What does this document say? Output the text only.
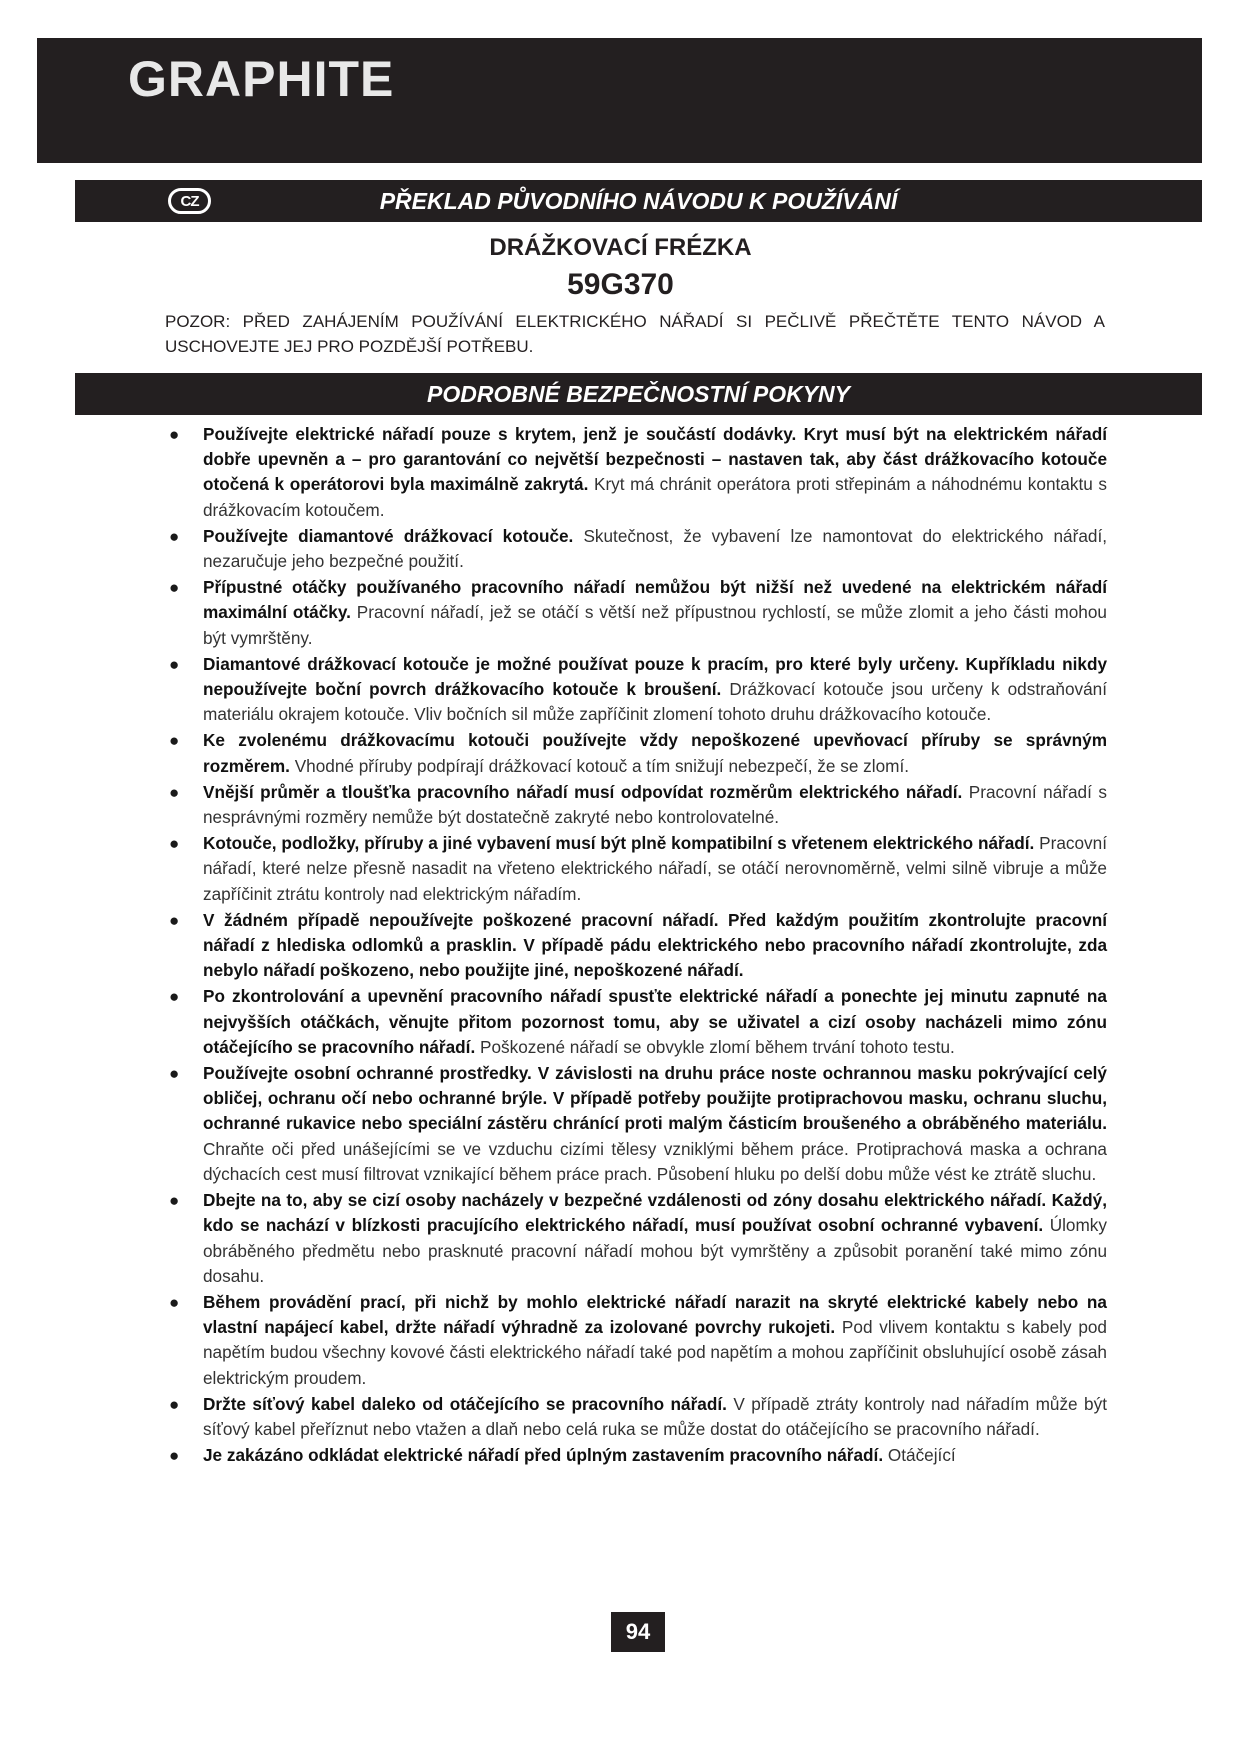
GRAPHITE
CZ	PŘEKLAD PŮVODNÍHO NÁVODU K POUŽÍVÁNÍ
DRÁŽKOVACÍ FRÉZKA
59G370
POZOR: PŘED ZAHÁJENÍM POUŽÍVÁNÍ ELEKTRICKÉHO NÁŘADÍ SI PEČLIVĚ PŘEČTĚTE TENTO NÁVOD A USCHOVEJTE JEJ PRO POZDĚJŠÍ POTŘEBU.
PODROBNÉ BEZPEČNOSTNÍ POKYNY
● Používejte elektrické nářadí pouze s krytem, jenž je součástí dodávky. Kryt musí být na elektrickém nářadí dobře upevněn a – pro garantování co největší bezpečnosti – nastaven tak, aby část drážkovacího kotouče otočená k operátorovi byla maximálně zakrytá. Kryt má chránit operátora proti střepinám a náhodnému kontaktu s drážkovacím kotoučem.
● Používejte diamantové drážkovací kotouče. Skutečnost, že vybavení lze namontovat do elektrického nářadí, nezaručuje jeho bezpečné použití.
● Přípustné otáčky používaného pracovního nářadí nemůžou být nižší než uvedené na elektrickém nářadí maximální otáčky. Pracovní nářadí, jež se otáčí s větší než přípustnou rychlostí, se může zlomit a jeho části mohou být vymrštěny.
● Diamantové drážkovací kotouče je možné používat pouze k pracím, pro které byly určeny. Kupříkladu nikdy nepoužívejte boční povrch drážkovacího kotouče k broušení. Drážkovací kotouče jsou určeny k odstraňování materiálu okrajem kotouče. Vliv bočních sil může zapříčinit zlomení tohoto druhu drážkovacího kotouče.
● Ke zvolenému drážkovacímu kotouči používejte vždy nepoškozené upevňovací příruby se správným rozměrem. Vhodné příruby podpírají drážkovací kotouč a tím snižují nebezpečí, že se zlomí.
● Vnější průměr a tloušťka pracovního nářadí musí odpovídat rozměrům elektrického nářadí. Pracovní nářadí s nesprávnými rozměry nemůže být dostatečně zakryté nebo kontrolovatelné.
● Kotouče, podložky, příruby a jiné vybavení musí být plně kompatibilní s vřetenem elektrického nářadí. Pracovní nářadí, které nelze přesně nasadit na vřeteno elektrického nářadí, se otáčí nerovnoměrně, velmi silně vibruje a může zapříčinit ztrátu kontroly nad elektrickým nářadím.
● V žádném případě nepoužívejte poškozené pracovní nářadí. Před každým použitím zkontrolujte pracovní nářadí z hlediska odlomků a prasklin. V případě pádu elektrického nebo pracovního nářadí zkontrolujte, zda nebylo nářadí poškozeno, nebo použijte jiné, nepoškozené nářadí.
● Po zkontrolování a upevnění pracovního nářadí spusťte elektrické nářadí a ponechte jej minutu zapnuté na nejvyšších otáčkách, věnujte přitom pozornost tomu, aby se uživatel a cizí osoby nacházeli mimo zónu otáčejícího se pracovního nářadí. Poškozené nářadí se obvykle zlomí během trvání tohoto testu.
● Používejte osobní ochranné prostředky. V závislosti na druhu práce noste ochrannou masku pokrývající celý obličej, ochranu očí nebo ochranné brýle. V případě potřeby použijte protiprachovou masku, ochranu sluchu, ochranné rukavice nebo speciální zástěru chránící proti malým částicím broušeného a obráběného materiálu. Chraňte oči před unášejícími se ve vzduchu cizími tělesy vzniklými během práce. Protiprachová maska a ochrana dýchacích cest musí filtrovat vznikající během práce prach. Působení hluku po delší dobu může vést ke ztrátě sluchu.
● Dbejte na to, aby se cizí osoby nacházely v bezpečné vzdálenosti od zóny dosahu elektrického nářadí. Každý, kdo se nachází v blízkosti pracujícího elektrického nářadí, musí používat osobní ochranné vybavení. Úlomky obráběného předmětu nebo prasknuté pracovní nářadí mohou být vymrštěny a způsobit poranění také mimo zónu dosahu.
● Během provádění prací, při nichž by mohlo elektrické nářadí narazit na skryté elektrické kabely nebo na vlastní napájecí kabel, držte nářadí výhradně za izolované povrchy rukojeti. Pod vlivem kontaktu s kabely pod napětím budou všechny kovové části elektrického nářadí také pod napětím a mohou zapříčinit obsluhující osobě zásah elektrickým proudem.
● Držte síťový kabel daleko od otáčejícího se pracovního nářadí. V případě ztráty kontroly nad nářadím může být síťový kabel přeříznut nebo vtažen a dlaň nebo celá ruka se může dostat do otáčejícího se pracovního nářadí.
● Je zakázáno odkládat elektrické nářadí před úplným zastavením pracovního nářadí. Otáčející
94
